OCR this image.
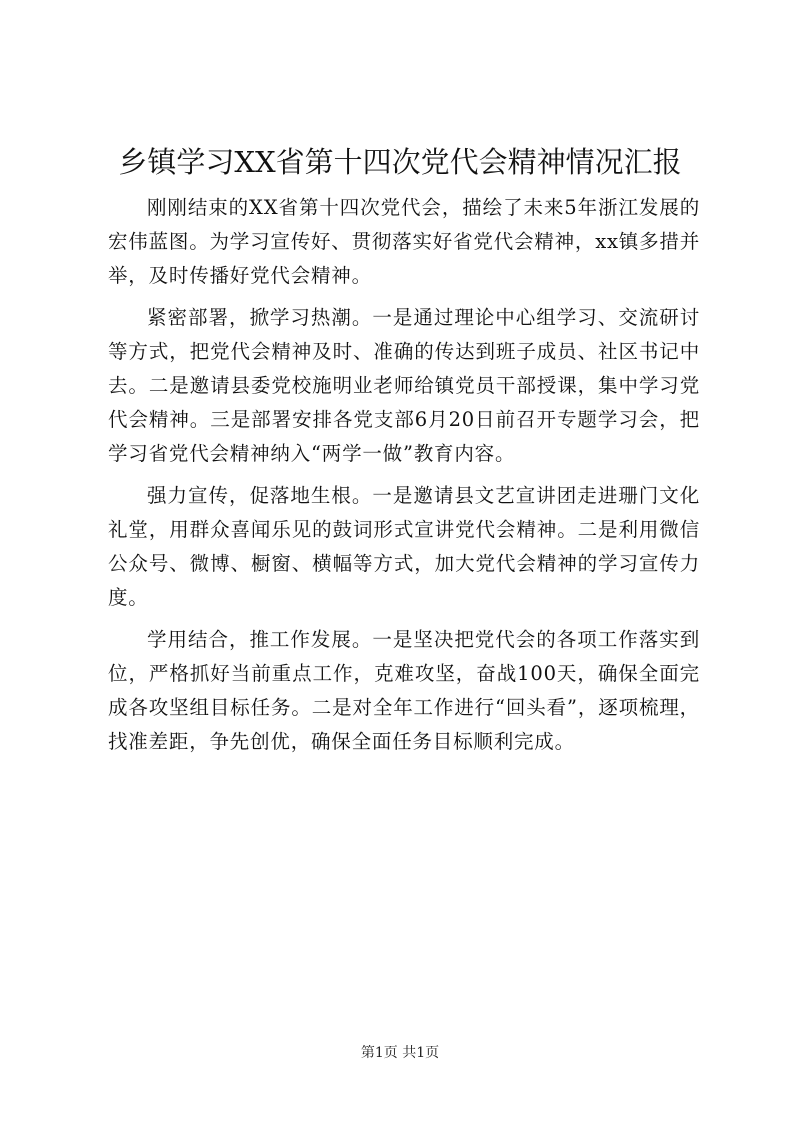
乡镇学习XX省第十四次党代会精神情况汇报

刚刚结束的XX省第十四次党代会，描绘了未来5年浙江发展的宏伟蓝图。为学习宣传好、贯彻落实好省党代会精神，xx镇多措并举，及时传播好党代会精神。

紧密部署，掀学习热潮。一是通过理论中心组学习、交流研讨等方式，把党代会精神及时、准确的传达到班子成员、社区书记中去。二是邀请县委党校施明业老师给镇党员干部授课，集中学习党代会精神。三是部署安排各党支部6月20日前召开专题学习会，把学习省党代会精神纳入“两学一做”教育内容。

强力宣传，促落地生根。一是邀请县文艺宣讲团走进珊门文化礼堂，用群众喜闻乐见的鼓词形式宣讲党代会精神。二是利用微信公众号、微博、橱窗、横幅等方式，加大党代会精神的学习宣传力度。

学用结合，推工作发展。一是坚决把党代会的各项工作落实到位，严格抓好当前重点工作，克难攻坚，奋战100天，确保全面完成各攻坚组目标任务。二是对全年工作进行“回头看”，逐项梳理，找准差距，争先创优，确保全面任务目标顺利完成。

第1页 共1页
